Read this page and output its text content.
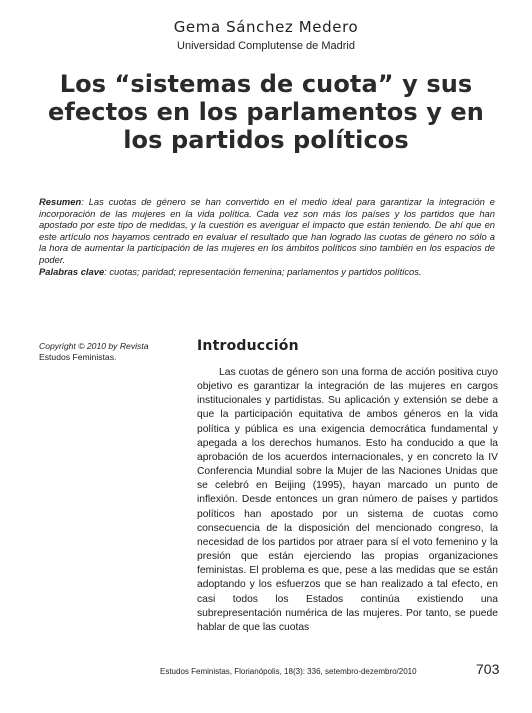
Gema Sánchez Medero
Universidad Complutense de Madrid
Los “sistemas de cuota” y sus efectos en los parlamentos y en los partidos políticos
Resumen: Las cuotas de género se han convertido en el medio ideal para garantizar la integración e incorporación de las mujeres en la vida política. Cada vez son más los países y los partidos que han apostado por este tipo de medidas, y la cuestión es averiguar el impacto que están teniendo. De ahí que en este artículo nos hayamos centrado en evaluar el resultado que han logrado las cuotas de género no sólo a la hora de aumentar la participación de las mujeres en los ámbitos políticos sino también en los espacios de poder.
Palabras clave: cuotas; paridad; representación femenina; parlamentos y partidos políticos.
Copyright © 2010 by Revista
Estudos Feministas.
Introducción
Las cuotas de género son una forma de acción positiva cuyo objetivo es garantizar la integración de las mujeres en cargos institucionales y partidistas. Su aplicación y extensión se debe a que la participación equitativa de ambos géneros en la vida política y pública es una exigencia democrática fundamental y apegada a los derechos humanos. Esto ha conducido a que la aprobación de los acuerdos internacionales, y en concreto la IV Conferencia Mundial sobre la Mujer de las Naciones Unidas que se celebró en Beijing (1995), hayan marcado un punto de inflexión. Desde entonces un gran número de países y partidos políticos han apostado por un sistema de cuotas como consecuencia de la disposición del mencionado congreso, la necesidad de los partidos por atraer para sí el voto femenino y la presión que están ejerciendo las propias organizaciones feministas. El problema es que, pese a las medidas que se están adoptando y los esfuerzos que se han realizado a tal efecto, en casi todos los Estados continúa existiendo una subrepresentación numérica de las mujeres. Por tanto, se puede hablar de que las cuotas
Estudos Feministas, Florianópolis, 18(3): 336, setembro-dezembro/2010	703
